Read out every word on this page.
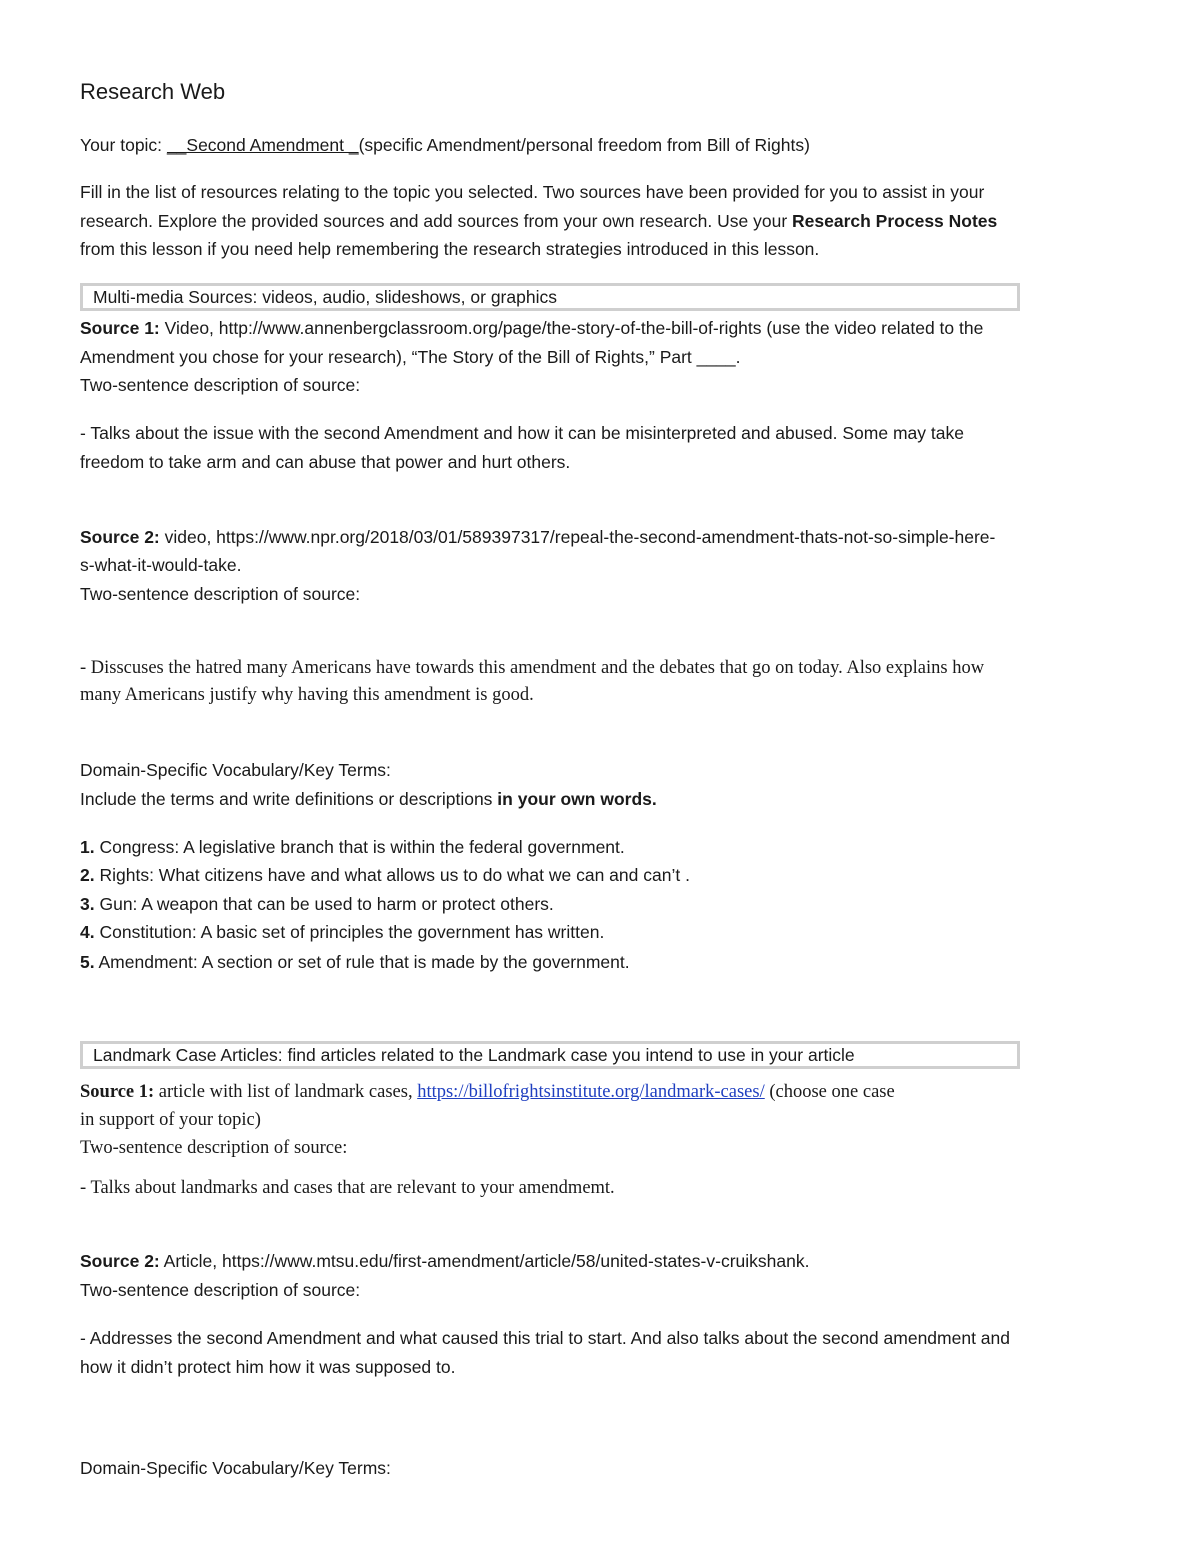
Research Web
Your topic: __Second Amendment _(specific Amendment/personal freedom from Bill of Rights)
Fill in the list of resources relating to the topic you selected. Two sources have been provided for you to assist in your
research. Explore the provided sources and add sources from your own research. Use your Research Process Notes
from this lesson if you need help remembering the research strategies introduced in this lesson.
Multi-media Sources: videos, audio, slideshows, or graphics
Source 1: Video, http://www.annenbergclassroom.org/page/the-story-of-the-bill-of-rights (use the video related to the
Amendment you chose for your research), “The Story of the Bill of Rights,” Part ____.
Two-sentence description of source:
- Talks about the issue with the second Amendment and how it can be misinterpreted and abused. Some may take
freedom to take arm and can abuse that power and hurt others.
Source 2: video, https://www.npr.org/2018/03/01/589397317/repeal-the-second-amendment-thats-not-so-simple-here-
s-what-it-would-take.
Two-sentence description of source:
- Disscuses the hatred many Americans have towards this amendment and the debates that go on today. Also explains how
many Americans justify why having this amendment is good.
Domain-Specific Vocabulary/Key Terms:
Include the terms and write definitions or descriptions in your own words.
1. Congress: A legislative branch that is within the federal government.
2. Rights: What citizens have and what allows us to do what we can and can’t .
3. Gun: A weapon that can be used to harm or protect others.
4. Constitution: A basic set of principles the government has written.
5. Amendment: A section or set of rule that is made by the government.
Landmark Case Articles: find articles related to the Landmark case you intend to use in your article
Source 1: article with list of landmark cases, https://billofrightsinstitute.org/landmark-cases/ (choose one case
in support of your topic)
Two-sentence description of source:
- Talks about landmarks and cases that are relevant to your amendmemt.
Source 2: Article, https://www.mtsu.edu/first-amendment/article/58/united-states-v-cruikshank.
Two-sentence description of source:
- Addresses the second Amendment and what caused this trial to start. And also talks about the second amendment and
how it didn’t protect him how it was supposed to.
Domain-Specific Vocabulary/Key Terms:
